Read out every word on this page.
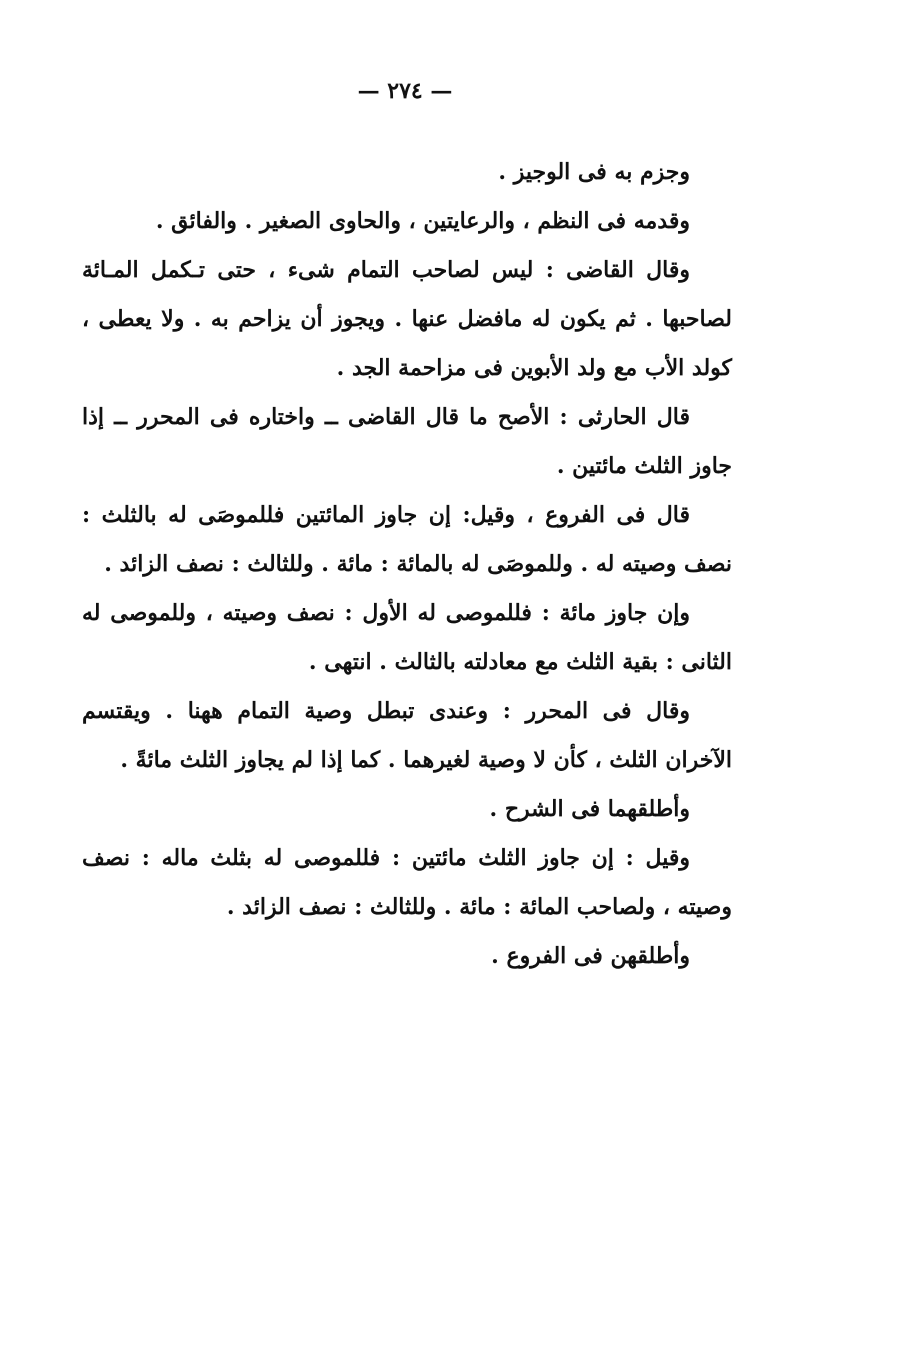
— ٢٧٤ —

وجزم به فى الوجيز .

وقدمه فى النظم ، والرعايتين ، والحاوى الصغير . والفائق .

وقال القاضى : ليس لصاحب التمام شىء ، حتى تـكمل المـائة لصاحبها . ثم يكون له مافضل عنها . ويجوز أن يزاحم به . ولا يعطى ، كولد الأب مع ولد الأبوين فى مزاحمة الجد .

قال الحارثى : الأصح ما قال القاضى ــ واختاره فى المحرر ــ إذا جاوز الثلث مائتين .

قال فى الفروع ، وقيل: إن جاوز المائتين فللموصَى له بالثلث : نصف وصيته له . وللموصَى له بالمائة : مائة . وللثالث : نصف الزائد .

وإن جاوز مائة : فللموصى له الأول : نصف وصيته ، وللموصى له الثانى : بقية الثلث مع معادلته بالثالث . انتهى .

وقال فى المحرر : وعندى تبطل وصية التمام ههنا . ويقتسم الآخران الثلث ، كأن لا وصية لغيرهما . كما إذا لم يجاوز الثلث مائةً .

وأطلقهما فى الشرح .

وقيل : إن جاوز الثلث مائتين : فللموصى له بثلث ماله : نصف وصيته ، ولصاحب المائة : مائة . وللثالث : نصف الزائد .

وأطلقهن فى الفروع .
